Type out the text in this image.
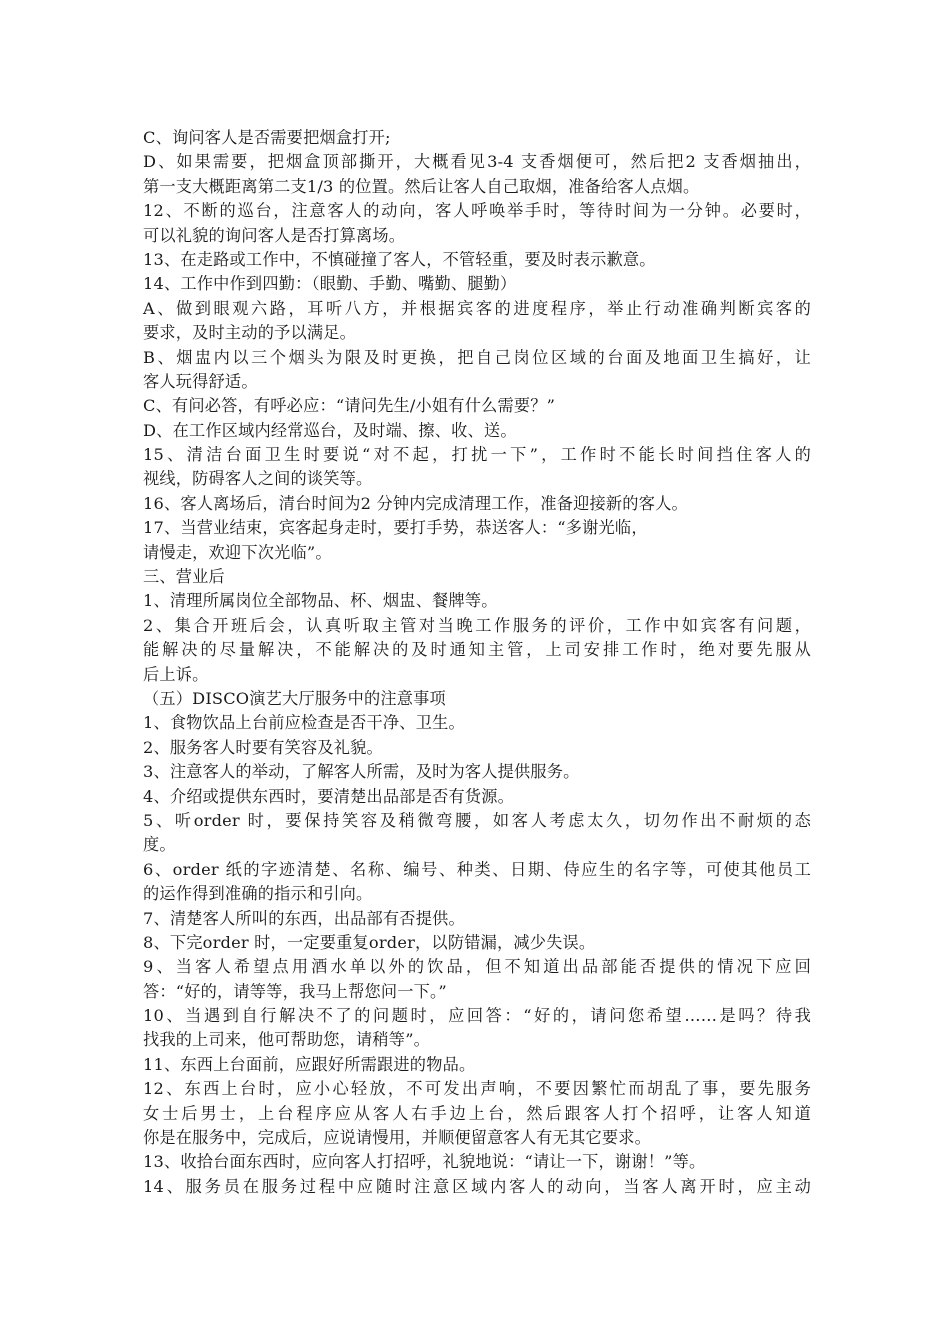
C、询问客人是否需要把烟盒打开;
D、如果需要，把烟盒顶部撕开，大概看见3-4 支香烟便可，然后把2 支香烟抽出，
第一支大概距离第二支1/3 的位置。然后让客人自己取烟，准备给客人点烟。
12、不断的巡台，注意客人的动向，客人呼唤举手时，等待时间为一分钟。必要时，
可以礼貌的询问客人是否打算离场。
13、在走路或工作中，不慎碰撞了客人，不管轻重，要及时表示歉意。
14、工作中作到四勤：（眼勤、手勤、嘴勤、腿勤）
A、做到眼观六路，耳听八方，并根据宾客的进度程序，举止行动准确判断宾客的
要求，及时主动的予以满足。
B、烟盅内以三个烟头为限及时更换，把自己岗位区域的台面及地面卫生搞好，让
客人玩得舒适。
C、有问必答，有呼必应：“请问先生/小姐有什么需要？”
D、在工作区域内经常巡台，及时端、擦、收、送。
15、清洁台面卫生时要说“对不起，打扰一下”，工作时不能长时间挡住客人的
视线，防碍客人之间的谈笑等。
16、客人离场后，清台时间为2 分钟内完成清理工作，准备迎接新的客人。
17、当营业结束，宾客起身走时，要打手势，恭送客人：“多谢光临，
请慢走，欢迎下次光临”。
三、营业后
1、清理所属岗位全部物品、杯、烟盅、餐牌等。
2、集合开班后会，认真听取主管对当晚工作服务的评价，工作中如宾客有问题，
能解决的尽量解决，不能解决的及时通知主管，上司安排工作时，绝对要先服从
后上诉。
（五）DISCO演艺大厅服务中的注意事项
1、食物饮品上台前应检查是否干净、卫生。
2、服务客人时要有笑容及礼貌。
3、注意客人的举动，了解客人所需，及时为客人提供服务。
4、介绍或提供东西时，要清楚出品部是否有货源。
5、听order 时，要保持笑容及稍微弯腰，如客人考虑太久，切勿作出不耐烦的态
度。
6、order 纸的字迹清楚、名称、编号、种类、日期、侍应生的名字等，可使其他员工
的运作得到准确的指示和引向。
7、清楚客人所叫的东西，出品部有否提供。
8、下完order 时，一定要重复order，以防错漏，减少失误。
9、当客人希望点用酒水单以外的饮品，但不知道出品部能否提供的情况下应回
答：“好的，请等等，我马上帮您问一下。”
10、当遇到自行解决不了的问题时，应回答：“好的，请问您希望……是吗？待我
找我的上司来，他可帮助您，请稍等”。
11、东西上台面前，应跟好所需跟进的物品。
12、东西上台时，应小心轻放，不可发出声响，不要因繁忙而胡乱了事，要先服务
女士后男士，上台程序应从客人右手边上台，然后跟客人打个招呼，让客人知道
你是在服务中，完成后，应说请慢用，并顺便留意客人有无其它要求。
13、收拾台面东西时，应向客人打招呼，礼貌地说：“请让一下，谢谢！”等。
14、服务员在服务过程中应随时注意区域内客人的动向，当客人离开时，应主动
